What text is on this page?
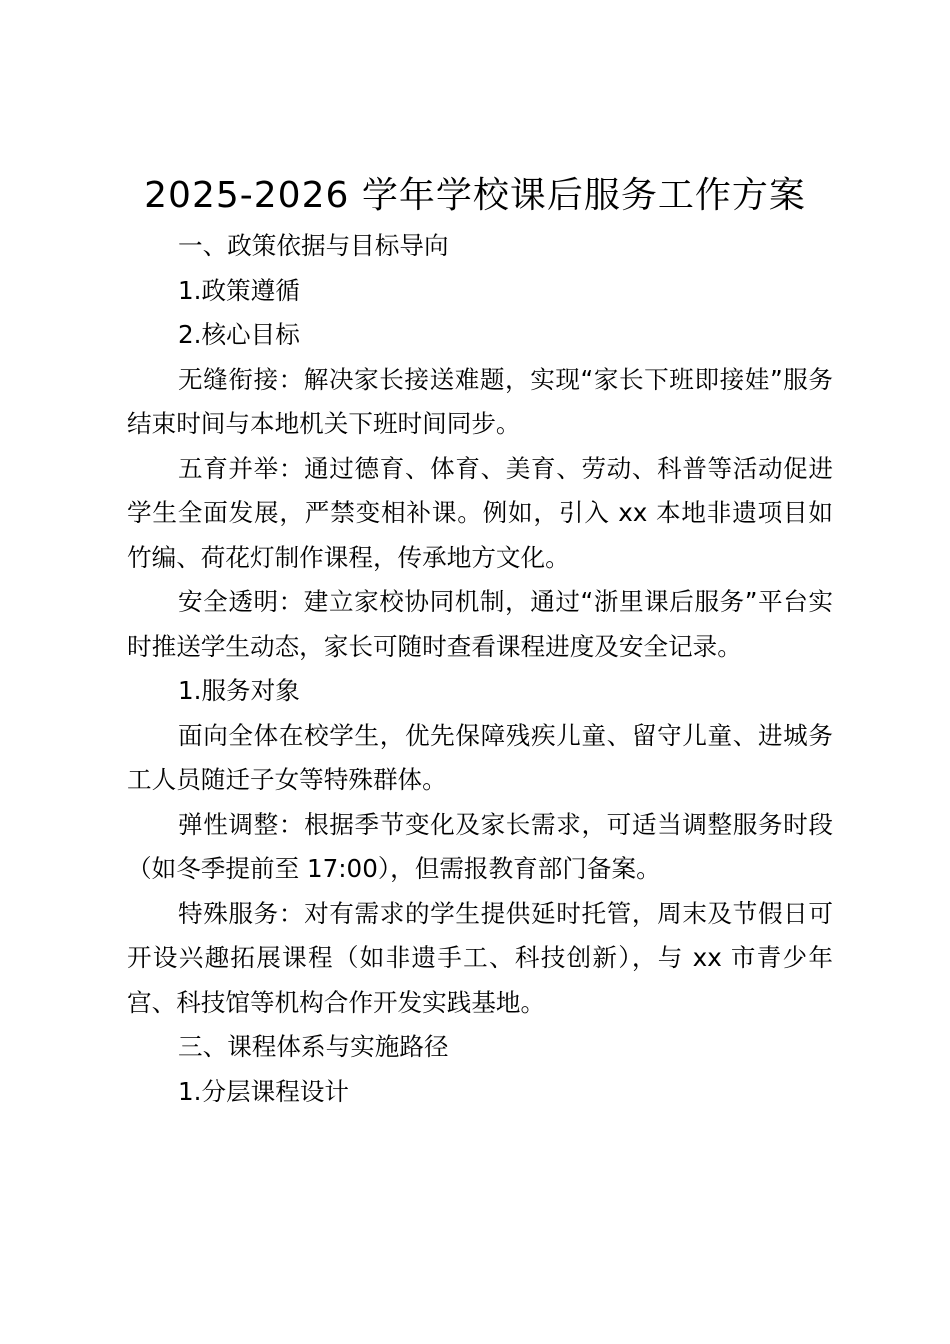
2025-2026 学年学校课后服务工作方案

一、政策依据与目标导向

1.政策遵循

2.核心目标

无缝衔接：解决家长接送难题，实现“家长下班即接娃”服务结束时间与本地机关下班时间同步。

五育并举：通过德育、体育、美育、劳动、科普等活动促进学生全面发展，严禁变相补课。例如，引入 xx 本地非遗项目如竹编、荷花灯制作课程，传承地方文化。

安全透明：建立家校协同机制，通过“浙里课后服务”平台实时推送学生动态，家长可随时查看课程进度及安全记录。

1.服务对象

面向全体在校学生，优先保障残疾儿童、留守儿童、进城务工人员随迁子女等特殊群体。

弹性调整：根据季节变化及家长需求，可适当调整服务时段（如冬季提前至 17:00），但需报教育部门备案。

特殊服务：对有需求的学生提供延时托管，周末及节假日可开设兴趣拓展课程（如非遗手工、科技创新），与 xx 市青少年宫、科技馆等机构合作开发实践基地。

三、课程体系与实施路径

1.分层课程设计
